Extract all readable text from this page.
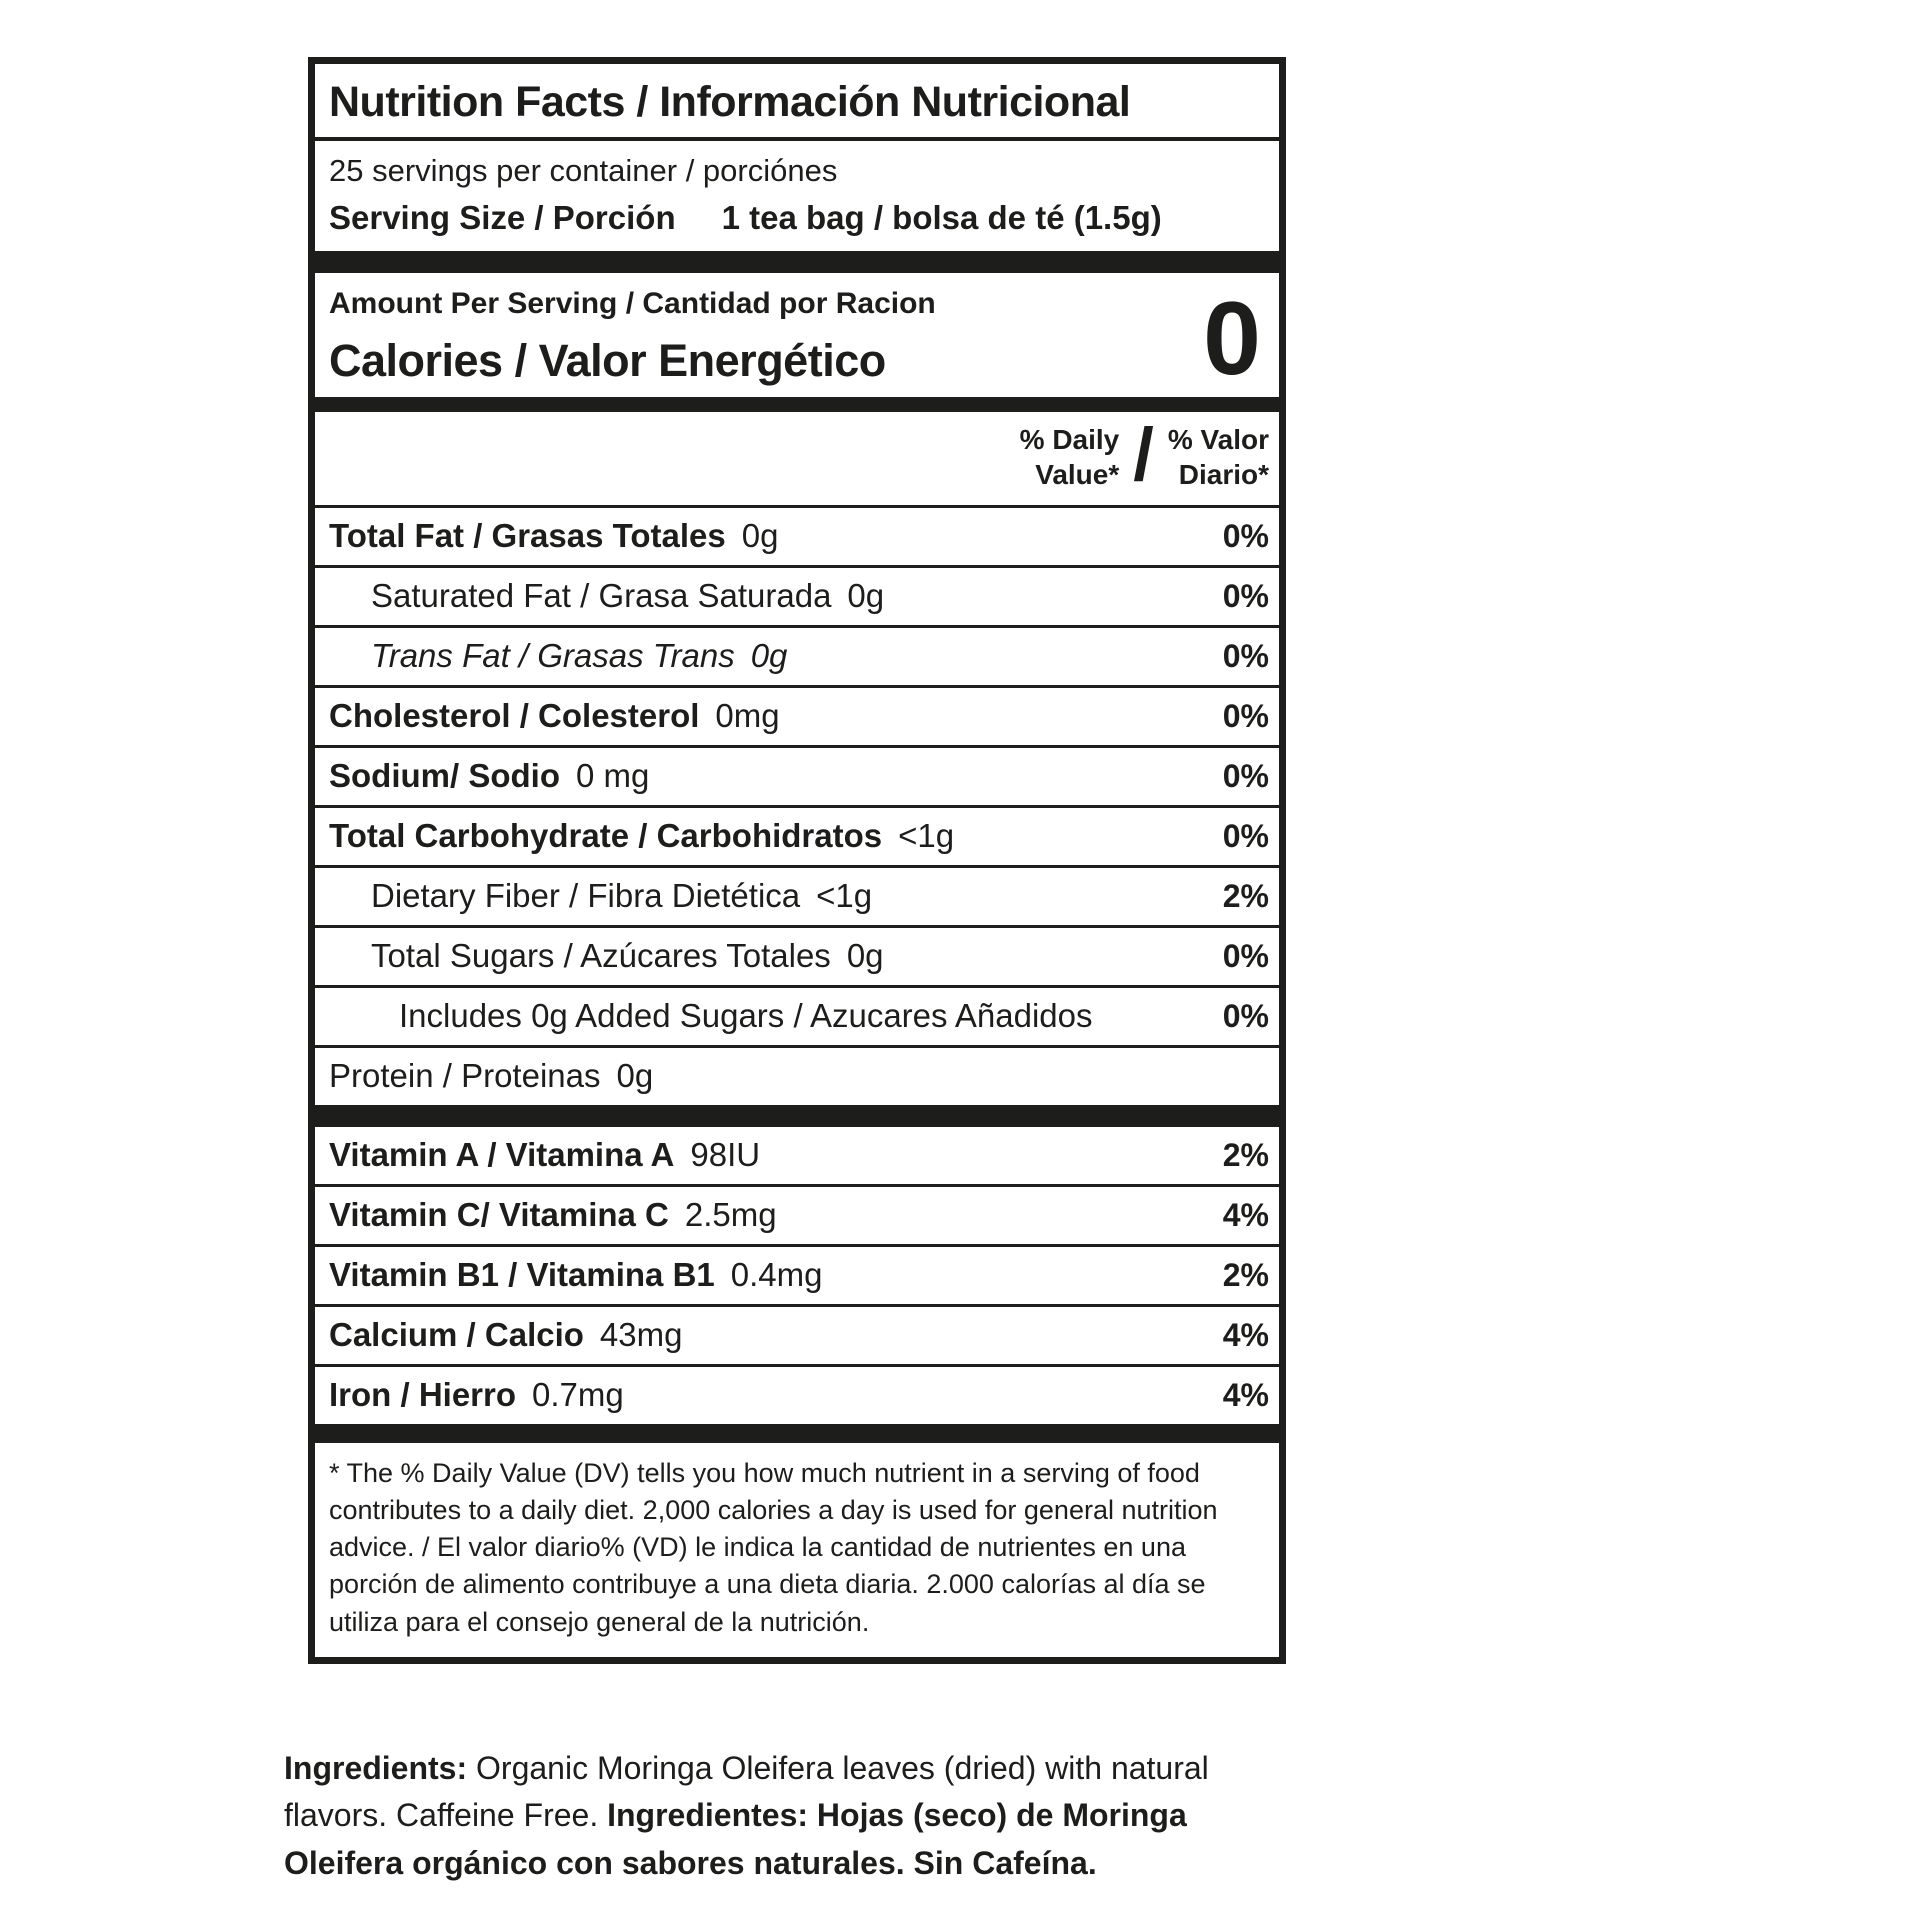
Nutrition Facts / Información Nutricional
25 servings per container / porciónes
Serving Size / Porción 1 tea bag / bolsa de té (1.5g)
Amount Per Serving / Cantidad por Racion
Calories / Valor Energético	0
% Daily
Value* / % Valor
Diario*
Total Fat / Grasas Totales 0g	0%
Saturated Fat / Grasa Saturada 0g	0%
Trans Fat / Grasas Trans 0g	0%
Cholesterol / Colesterol 0mg	0%
Sodium/ Sodio 0 mg	0%
Total Carbohydrate / Carbohidratos <1g	0%
Dietary Fiber / Fibra Dietética <1g	2%
Total Sugars / Azúcares Totales 0g	0%
Includes 0g Added Sugars / Azucares Añadidos	0%
Protein / Proteinas 0g
Vitamin A / Vitamina A 98IU	2%
Vitamin C/ Vitamina C 2.5mg	4%
Vitamin B1 / Vitamina B1 0.4mg	2%
Calcium / Calcio 43mg	4%
Iron / Hierro 0.7mg	4%
* The % Daily Value (DV) tells you how much nutrient in a serving of food contributes to a daily diet. 2,000 calories a day is used for general nutrition advice. / El valor diario% (VD) le indica la cantidad de nutrientes en una porción de alimento contribuye a una dieta diaria. 2.000 calorías al día se utiliza para el consejo general de la nutrición.

Ingredients: Organic Moringa Oleifera leaves (dried) with natural flavors. Caffeine Free. Ingredientes: Hojas (seco) de Moringa Oleifera orgánico con sabores naturales. Sin Cafeína.
